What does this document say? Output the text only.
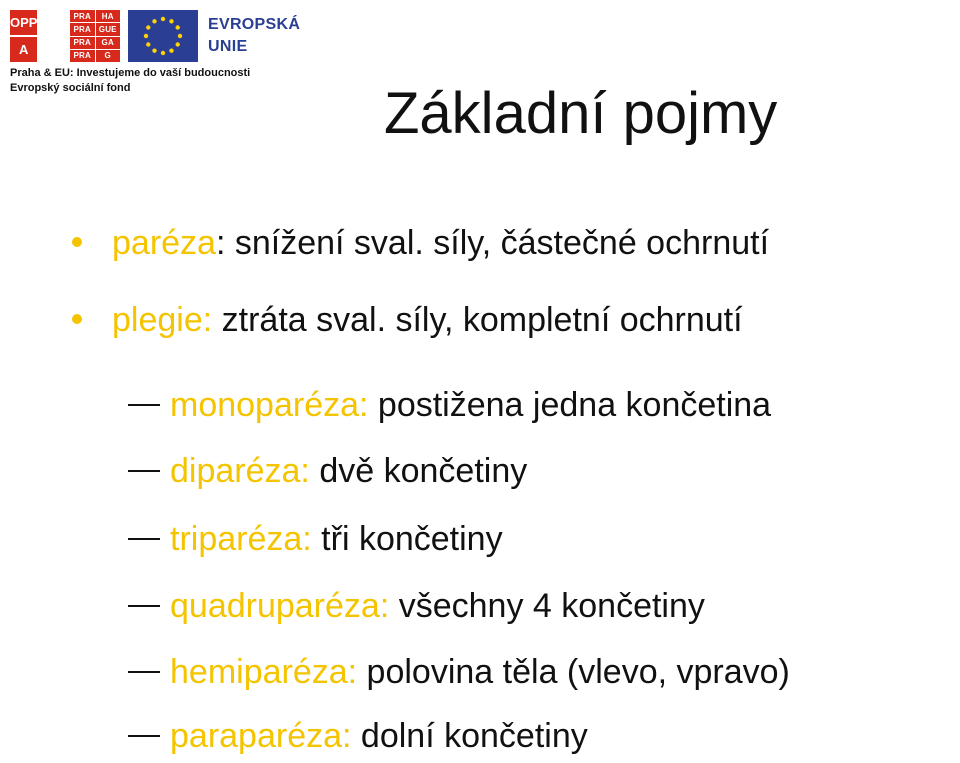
OPP
A
PRA	HA
PRA GUE
PRA	GA
PRA	G
EVROPSKÁ
UNIE
Praha & EU: Investujeme do vaší budoucnosti
Evropský sociální fond	Základní pojmy
paréza: snížení sval. síly, částečné ochrnutí
plegie: ztráta sval. síly, kompletní ochrnutí
monoparéza: postižena jedna končetina
diparéza: dvě končetiny
triparéza: tři končetiny
quadruparéza: všechny 4 končetiny
hemiparéza: polovina těla (vlevo, vpravo)
paraparéza: dolní končetiny
